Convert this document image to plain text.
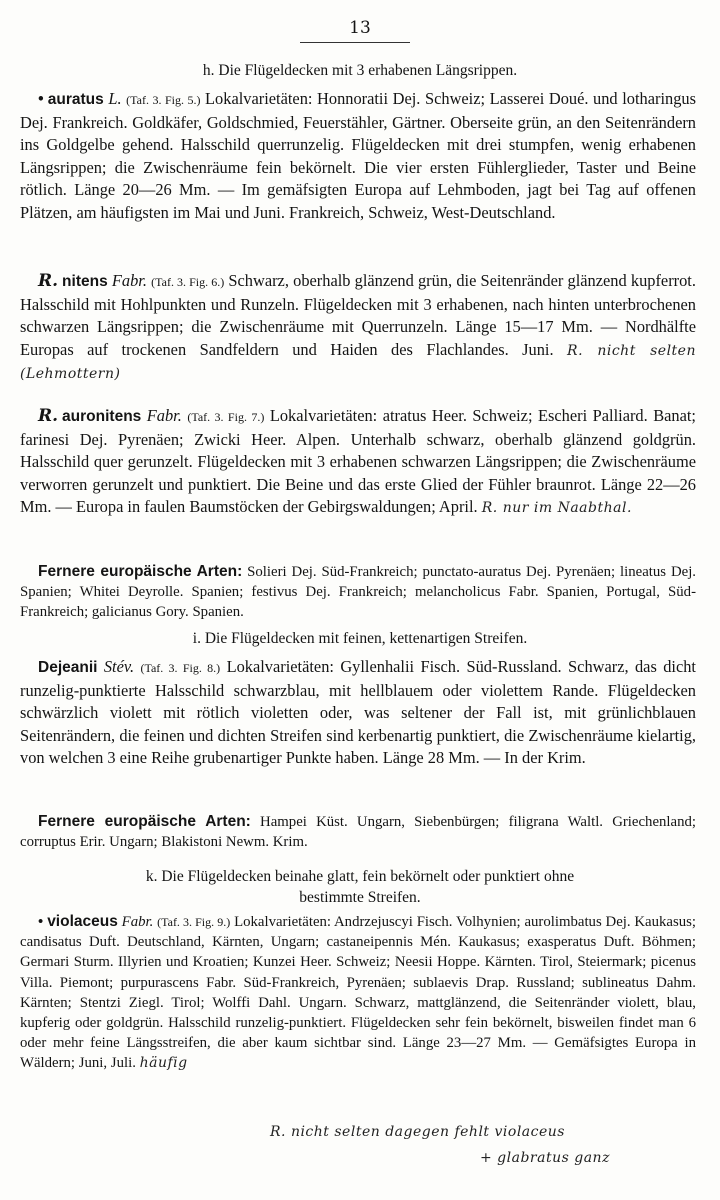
13
h. Die Flügeldecken mit 3 erhabenen Längsrippen.
• auratus L. (Taf. 3. Fig. 5.) Lokalvarietäten: Honnoratii Dej. Schweiz; Lasserei Doué. und lotharingus Dej. Frankreich. Goldkäfer, Goldschmied, Feuerstähler, Gärtner. Oberseite grün, an den Seitenrändern ins Goldgelbe gehend. Halsschild querrunzelig. Flügeldecken mit drei stumpfen, wenig erhabenen Längsrippen; die Zwischenräume fein bekörnelt. Die vier ersten Fühlerglieder, Taster und Beine rötlich. Länge 20—26 Mm. — Im gemäfsigten Europa auf Lehmboden, jagt bei Tag auf offenen Plätzen, am häufigsten im Mai und Juni. Frankreich, Schweiz, West-Deutschland.
R. nitens Fabr. (Taf. 3. Fig. 6.) Schwarz, oberhalb glänzend grün, die Seitenränder glänzend kupferrot. Halsschild mit Hohlpunkten und Runzeln. Flügeldecken mit 3 erhabenen, nach hinten unterbrochenen schwarzen Längsrippen; die Zwischenräume mit Querrunzeln. Länge 15—17 Mm. — Nordhälfte Europas auf trockenen Sandfeldern und Haiden des Flachlandes. Juni. R. nicht selten (Lehmottern)
R. auronitens Fabr. (Taf. 3. Fig. 7.) Lokalvarietäten: atratus Heer. Schweiz; Escheri Palliard. Banat; farinesi Dej. Pyrenäen; Zwicki Heer. Alpen. Unterhalb schwarz, oberhalb glänzend goldgrün. Halsschild quer gerunzelt. Flügeldecken mit 3 erhabenen schwarzen Längsrippen; die Zwischenräume verworren gerunzelt und punktiert. Die Beine und das erste Glied der Fühler braunrot. Länge 22—26 Mm. — Europa in faulen Baumstöcken der Gebirgswaldungen; April. R. nur im Naabthal.
Fernere europäische Arten: Solieri Dej. Süd-Frankreich; punctato-auratus Dej. Pyrenäen; lineatus Dej. Spanien; Whitei Deyrolle. Spanien; festivus Dej. Frankreich; melancholicus Fabr. Spanien, Portugal, Süd-Frankreich; galicianus Gory. Spanien.
i. Die Flügeldecken mit feinen, kettenartigen Streifen.
Dejeanii Stév. (Taf. 3. Fig. 8.) Lokalvarietäten: Gyllenhalii Fisch. Süd-Russland. Schwarz, das dicht runzelig-punktierte Halsschild schwarzblau, mit hellblauem oder violettem Rande. Flügeldecken schwärzlich violett mit rötlich violetten oder, was seltener der Fall ist, mit grünlichblauen Seitenrändern, die feinen und dichten Streifen sind kerbenartig punktiert, die Zwischenräume kielartig, von welchen 3 eine Reihe grubenartiger Punkte haben. Länge 28 Mm. — In der Krim.
Fernere europäische Arten: Hampei Küst. Ungarn, Siebenbürgen; filigrana Waltl. Griechenland; corruptus Erir. Ungarn; Blakistoni Newm. Krim.
k. Die Flügeldecken beinahe glatt, fein bekörnelt oder punktiert ohne bestimmte Streifen.
• violaceus Fabr. (Taf. 3. Fig. 9.) Lokalvarietäten: Andrzejuscyi Fisch. Volhynien; aurolimbatus Dej. Kaukasus; candisatus Duft. Deutschland, Kärnten, Ungarn; castaneipennis Mén. Kaukasus; exasperatus Duft. Böhmen; Germari Sturm. Illyrien und Kroatien; Kunzei Heer. Schweiz; Neesii Hoppe. Kärnten. Tirol, Steiermark; picenus Villa. Piemont; purpurascens Fabr. Süd-Frankreich, Pyrenäen; sublaevis Drap. Russland; sublineatus Dahm. Kärnten; Stentzi Ziegl. Tirol; Wolffi Dahl. Ungarn. Schwarz, mattglänzend, die Seitenränder violett, blau, kupferig oder goldgrün. Halsschild runzelig-punktiert. Flügeldecken sehr fein bekörnelt, bisweilen findet man 6 oder mehr feine Längsstreifen, die aber kaum sichtbar sind. Länge 23—27 Mm. — Gemäfsigtes Europa in Wäldern; Juni, Juli. häufig
R. nicht selten dagegen fehlt violaceus
+ glabratus ganz
